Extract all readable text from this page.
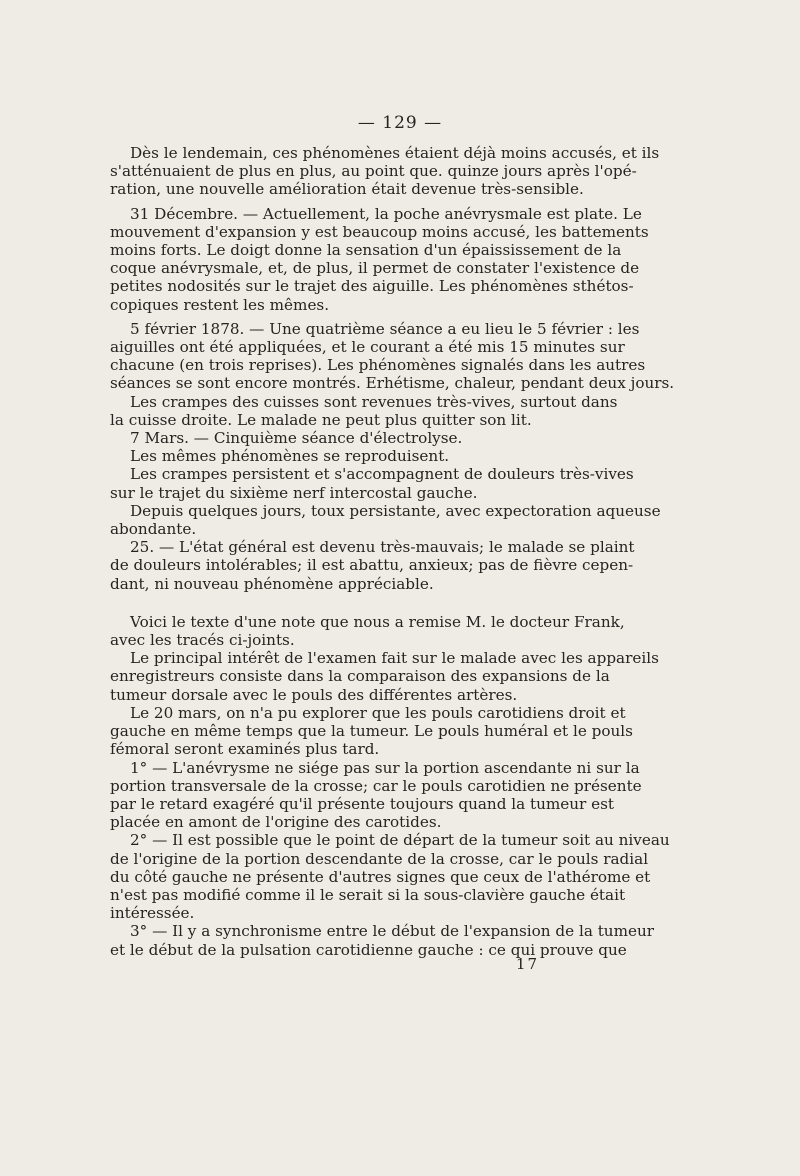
— 129 —
Dès le lendemain, ces phénomènes étaient déjà moins accusés, et ils
s'atténuaient de plus en plus, au point que. quinze jours après l'opé-
ration, une nouvelle amélioration était devenue très-sensible.
31 Décembre. — Actuellement, la poche anévrysmale est plate. Le
mouvement d'expansion y est beaucoup moins accusé, les battements
moins forts. Le doigt donne la sensation d'un épaississement de la
coque anévrysmale, et, de plus, il permet de constater l'existence de
petites nodosités sur le trajet des aiguille. Les phénomènes sthétos-
copiques restent les mêmes.
5 février 1878. — Une quatrième séance a eu lieu le 5 février : les
aiguilles ont été appliquées, et le courant a été mis 15 minutes sur
chacune (en trois reprises). Les phénomènes signalés dans les autres
séances se sont encore montrés. Erhétisme, chaleur, pendant deux jours.
Les crampes des cuisses sont revenues très-vives, surtout dans
la cuisse droite. Le malade ne peut plus quitter son lit.
7 Mars. — Cinquième séance d'électrolyse.
Les mêmes phénomènes se reproduisent.
Les crampes persistent et s'accompagnent de douleurs très-vives
sur le trajet du sixième nerf intercostal gauche.
Depuis quelques jours, toux persistante, avec expectoration aqueuse
abondante.
25. — L'état général est devenu très-mauvais; le malade se plaint
de douleurs intolérables; il est abattu, anxieux; pas de fièvre cepen-
dant, ni nouveau phénomène appréciable.
Voici le texte d'une note que nous a remise M. le docteur Frank,
avec les tracés ci-joints.
Le principal intérêt de l'examen fait sur le malade avec les appareils
enregistreurs consiste dans la comparaison des expansions de la
tumeur dorsale avec le pouls des différentes artères.
Le 20 mars, on n'a pu explorer que les pouls carotidiens droit et
gauche en même temps que la tumeur. Le pouls huméral et le pouls
fémoral seront examinés plus tard.
1° — L'anévrysme ne siége pas sur la portion ascendante ni sur la
portion transversale de la crosse; car le pouls carotidien ne présente
par le retard exagéré qu'il présente toujours quand la tumeur est
placée en amont de l'origine des carotides.
2° — Il est possible que le point de départ de la tumeur soit au niveau
de l'origine de la portion descendante de la crosse, car le pouls radial
du côté gauche ne présente d'autres signes que ceux de l'athérome et
n'est pas modifié comme il le serait si la sous-clavière gauche était
intéressée.
3° — Il y a synchronisme entre le début de l'expansion de la tumeur
et le début de la pulsation carotidienne gauche : ce qui prouve que
17
